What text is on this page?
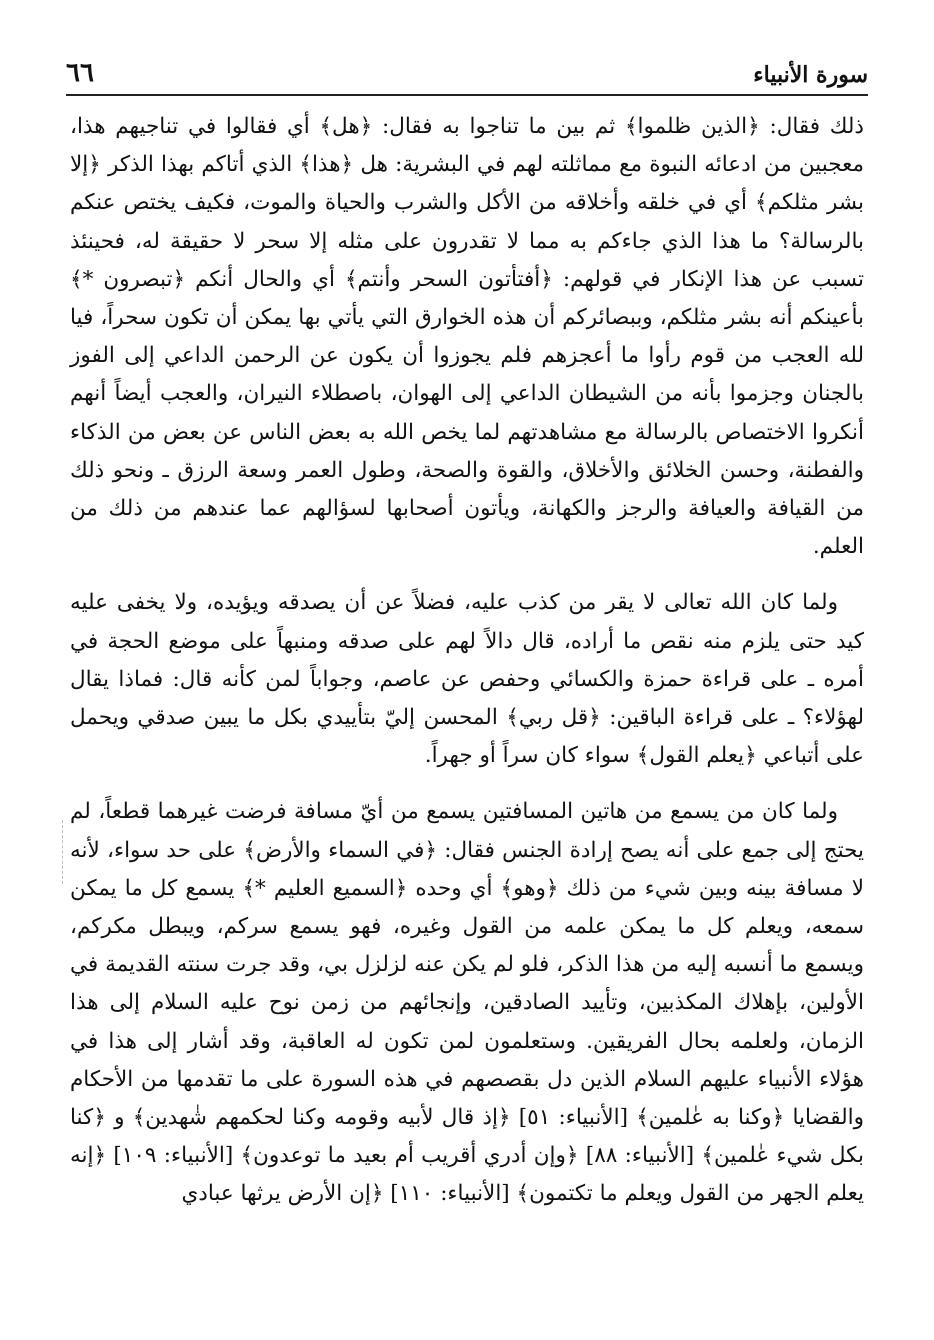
٦٦	سورة الأنبياء

ذلك فقال: ﴿الذين ظلموا﴾ ثم بين ما تناجوا به فقال: ﴿هل﴾ أي فقالوا في تناجيهم هذا، معجبين من ادعائه النبوة مع مماثلته لهم في البشرية: هل ﴿هذا﴾ الذي أتاكم بهذا الذكر ﴿إلا بشر مثلكم﴾ أي في خلقه وأخلاقه من الأكل والشرب والحياة والموت، فكيف يختص عنكم بالرسالة؟ ما هذا الذي جاءكم به مما لا تقدرون على مثله إلا سحر لا حقيقة له، فحينئذ تسبب عن هذا الإنكار في قولهم: ﴿أفتأتون السحر وأنتم﴾ أي والحال أنكم ﴿تبصرون *﴾ بأعينكم أنه بشر مثلكم، وببصائركم أن هذه الخوارق التي يأتي بها يمكن أن تكون سحراً، فيا لله العجب من قوم رأوا ما أعجزهم فلم يجوزوا أن يكون عن الرحمن الداعي إلى الفوز بالجنان وجزموا بأنه من الشيطان الداعي إلى الهوان، باصطلاء النيران، والعجب أيضاً أنهم أنكروا الاختصاص بالرسالة مع مشاهدتهم لما يخص الله به بعض الناس عن بعض من الذكاء والفطنة، وحسن الخلائق والأخلاق، والقوة والصحة، وطول العمر وسعة الرزق ـ ونحو ذلك من القيافة والعيافة والرجز والكهانة، ويأتون أصحابها لسؤالهم عما عندهم من ذلك من العلم.

ولما كان الله تعالى لا يقر من كذب عليه، فضلاً عن أن يصدقه ويؤيده، ولا يخفى عليه كيد حتى يلزم منه نقص ما أراده، قال دالاً لهم على صدقه ومنبهاً على موضع الحجة في أمره ـ على قراءة حمزة والكسائي وحفص عن عاصم، وجواباً لمن كأنه قال: فماذا يقال لهؤلاء؟ ـ على قراءة الباقين: ﴿قل ربي﴾ المحسن إليّ بتأييدي بكل ما يبين صدقي ويحمل على أتباعي ﴿يعلم القول﴾ سواء كان سراً أو جهراً.

ولما كان من يسمع من هاتين المسافتين يسمع من أيّ مسافة فرضت غيرهما قطعاً، لم يحتج إلى جمع على أنه يصح إرادة الجنس فقال: ﴿في السماء والأرض﴾ على حد سواء، لأنه لا مسافة بينه وبين شيء من ذلك ﴿وهو﴾ أي وحده ﴿السميع العليم *﴾ يسمع كل ما يمكن سمعه، ويعلم كل ما يمكن علمه من القول وغيره، فهو يسمع سركم، ويبطل مكركم، ويسمع ما أنسبه إليه من هذا الذكر، فلو لم يكن عنه لزلزل بي، وقد جرت سنته القديمة في الأولين، بإهلاك المكذبين، وتأييد الصادقين، وإنجائهم من زمن نوح عليه السلام إلى هذا الزمان، ولعلمه بحال الفريقين. وستعلمون لمن تكون له العاقبة، وقد أشار إلى هذا في هؤلاء الأنبياء عليهم السلام الذين دل بقصصهم في هذه السورة على ما تقدمها من الأحكام والقضايا ﴿وكنا به عٰلمين﴾ [الأنبياء: ٥١] ﴿إذ قال لأبيه وقومه وكنا لحكمهم شٰهدين﴾ و ﴿كنا بكل شيء عٰلمين﴾ [الأنبياء: ٨٨] ﴿وإن أدري أقريب أم بعيد ما توعدون﴾ [الأنبياء: ١٠٩] ﴿إنه يعلم الجهر من القول ويعلم ما تكتمون﴾ [الأنبياء: ١١٠] ﴿إن الأرض يرثها عبادي
